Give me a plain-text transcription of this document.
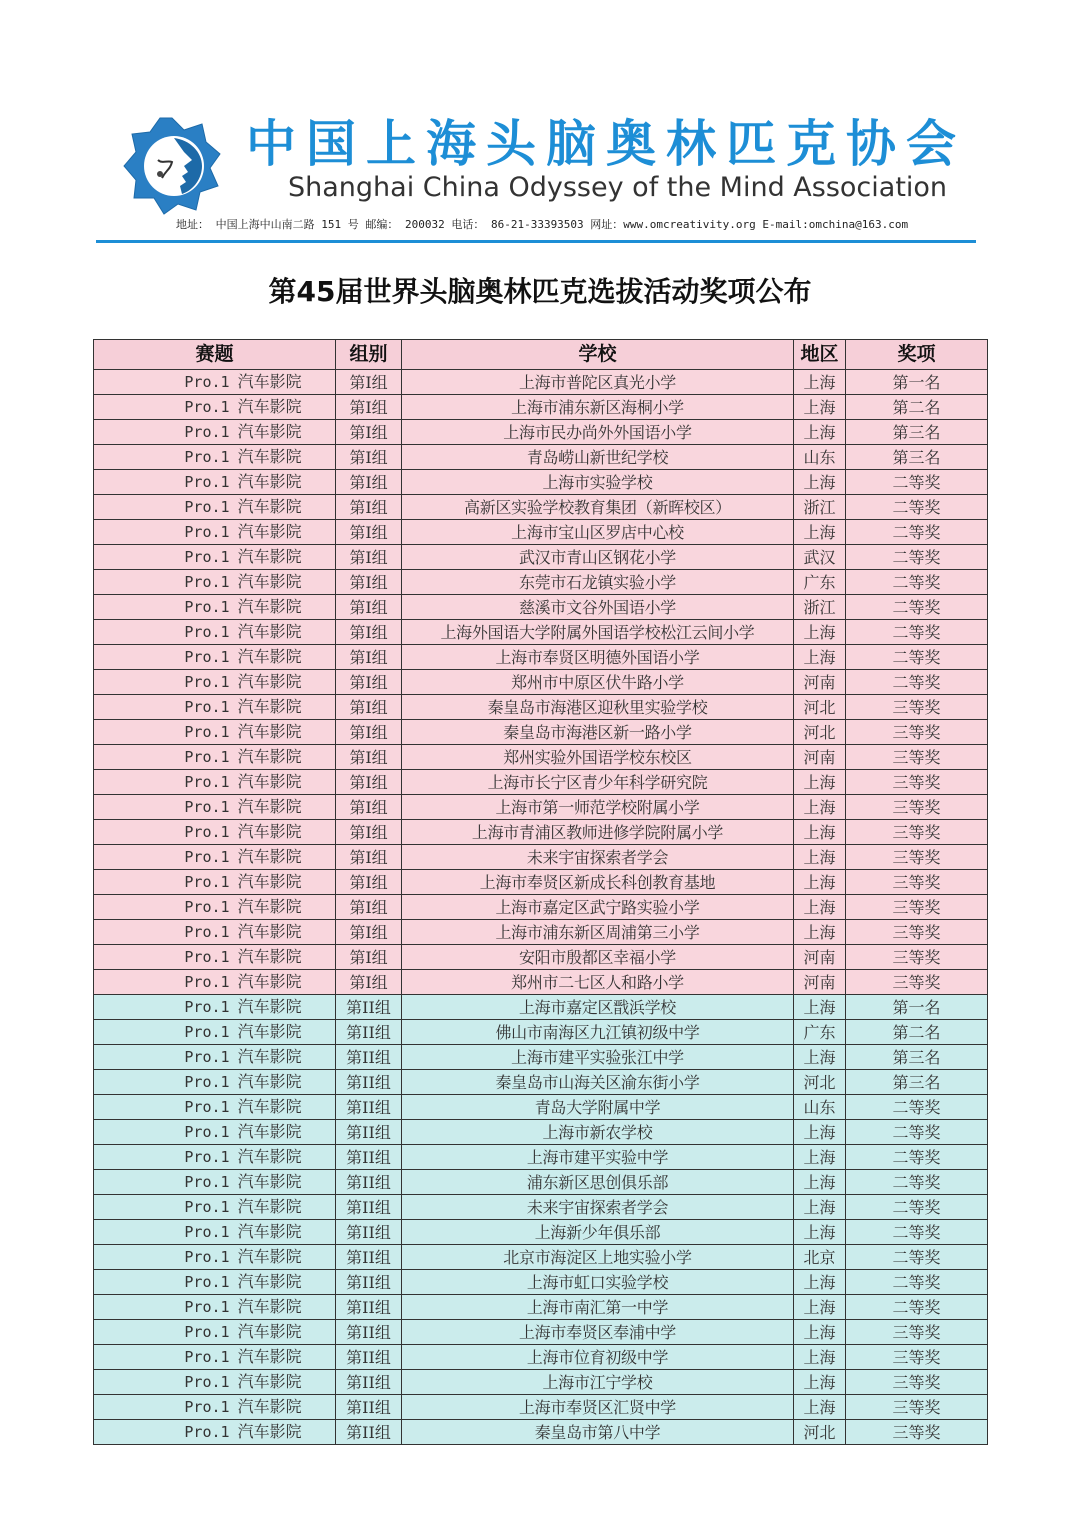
中国上海头脑奥林匹克协会
Shanghai China Odyssey of the Mind Association
地址： 中国上海中山南二路 151 号 邮编： 200032 电话： 86-21-33393503 网址：www.omcreativity.org E-mail:omchina@163.com
第45届世界头脑奥林匹克选拔活动奖项公布
赛题	组别	学校	地区	奖项
Pro.1 汽车影院	第I组	上海市普陀区真光小学	上海	第一名
Pro.1 汽车影院	第I组	上海市浦东新区海桐小学	上海	第二名
Pro.1 汽车影院	第I组	上海市民办尚外外国语小学	上海	第三名
Pro.1 汽车影院	第I组	青岛崂山新世纪学校	山东	第三名
Pro.1 汽车影院	第I组	上海市实验学校	上海	二等奖
Pro.1 汽车影院	第I组	高新区实验学校教育集团（新晖校区）	浙江	二等奖
Pro.1 汽车影院	第I组	上海市宝山区罗店中心校	上海	二等奖
Pro.1 汽车影院	第I组	武汉市青山区钢花小学	武汉	二等奖
Pro.1 汽车影院	第I组	东莞市石龙镇实验小学	广东	二等奖
Pro.1 汽车影院	第I组	慈溪市文谷外国语小学	浙江	二等奖
Pro.1 汽车影院	第I组	上海外国语大学附属外国语学校松江云间小学	上海	二等奖
Pro.1 汽车影院	第I组	上海市奉贤区明德外国语小学	上海	二等奖
Pro.1 汽车影院	第I组	郑州市中原区伏牛路小学	河南	二等奖
Pro.1 汽车影院	第I组	秦皇岛市海港区迎秋里实验学校	河北	三等奖
Pro.1 汽车影院	第I组	秦皇岛市海港区新一路小学	河北	三等奖
Pro.1 汽车影院	第I组	郑州实验外国语学校东校区	河南	三等奖
Pro.1 汽车影院	第I组	上海市长宁区青少年科学研究院	上海	三等奖
Pro.1 汽车影院	第I组	上海市第一师范学校附属小学	上海	三等奖
Pro.1 汽车影院	第I组	上海市青浦区教师进修学院附属小学	上海	三等奖
Pro.1 汽车影院	第I组	未来宇宙探索者学会	上海	三等奖
Pro.1 汽车影院	第I组	上海市奉贤区新成长科创教育基地	上海	三等奖
Pro.1 汽车影院	第I组	上海市嘉定区武宁路实验小学	上海	三等奖
Pro.1 汽车影院	第I组	上海市浦东新区周浦第三小学	上海	三等奖
Pro.1 汽车影院	第I组	安阳市殷都区幸福小学	河南	三等奖
Pro.1 汽车影院	第I组	郑州市二七区人和路小学	河南	三等奖
Pro.1 汽车影院	第II组	上海市嘉定区戬浜学校	上海	第一名
Pro.1 汽车影院	第II组	佛山市南海区九江镇初级中学	广东	第二名
Pro.1 汽车影院	第II组	上海市建平实验张江中学	上海	第三名
Pro.1 汽车影院	第II组	秦皇岛市山海关区渝东街小学	河北	第三名
Pro.1 汽车影院	第II组	青岛大学附属中学	山东	二等奖
Pro.1 汽车影院	第II组	上海市新农学校	上海	二等奖
Pro.1 汽车影院	第II组	上海市建平实验中学	上海	二等奖
Pro.1 汽车影院	第II组	浦东新区思创俱乐部	上海	二等奖
Pro.1 汽车影院	第II组	未来宇宙探索者学会	上海	二等奖
Pro.1 汽车影院	第II组	上海新少年俱乐部	上海	二等奖
Pro.1 汽车影院	第II组	北京市海淀区上地实验小学	北京	二等奖
Pro.1 汽车影院	第II组	上海市虹口实验学校	上海	二等奖
Pro.1 汽车影院	第II组	上海市南汇第一中学	上海	二等奖
Pro.1 汽车影院	第II组	上海市奉贤区奉浦中学	上海	三等奖
Pro.1 汽车影院	第II组	上海市位育初级中学	上海	三等奖
Pro.1 汽车影院	第II组	上海市江宁学校	上海	三等奖
Pro.1 汽车影院	第II组	上海市奉贤区汇贤中学	上海	三等奖
Pro.1 汽车影院	第II组	秦皇岛市第八中学	河北	三等奖
